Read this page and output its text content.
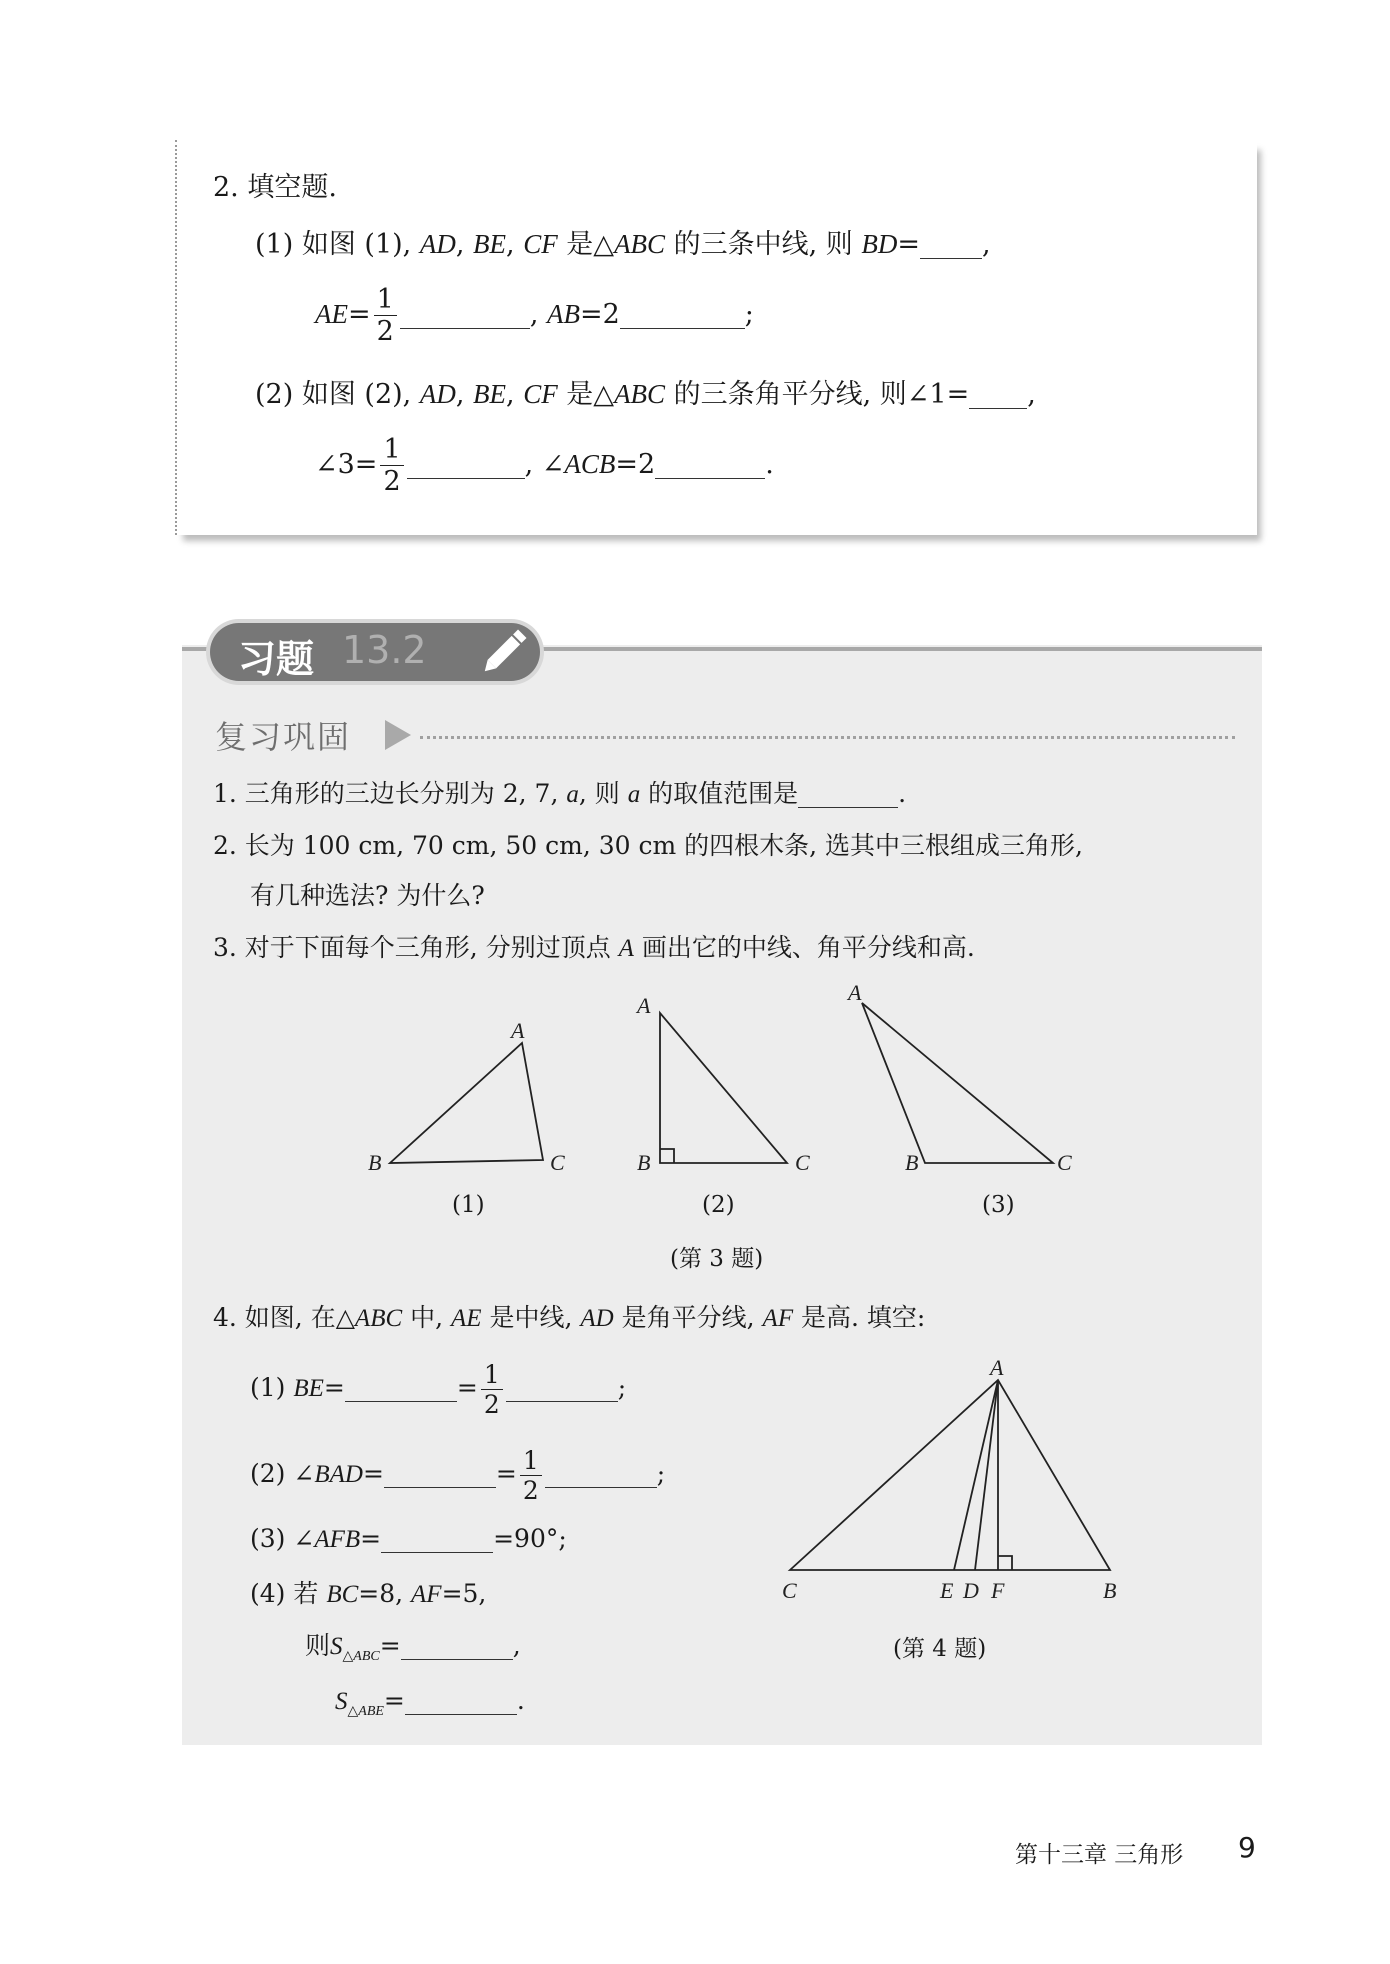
2. 填空题.
(1) 如图 (1), AD, BE, CF 是△ABC 的三条中线, 则 BD= ,
$AE= \frac{1}{2}$	, AB=2	;
(2) 如图 (2), AD, BE, CF 是△ABC 的三条角平分线, 则∠1= ,
∠3= $\frac{1}{2}$	, ∠ACB=2	.
习题 13.2
复习巩固
1. 三角形的三边长分别为 2, 7, a, 则 a 的取值范围是	.
2. 长为 100 cm, 70 cm, 50 cm, 30 cm 的四根木条, 选其中三根组成三角形,
有几种选法? 为什么?
3. 对于下面每个三角形, 分别过顶点 A 画出它的中线、角平分线和高.
A
B	C
A
B	C
A
B	C
(1)	(2)	(3)
(第 3 题)
4. 如图, 在△ABC 中, AE 是中线, AD 是角平分线, AF 是高. 填空:
(1) BE=	= $\frac{1}{2}$	;
(2) ∠BAD=	= $\frac{1}{2}$	;
(3) ∠AFB=	=90°;
(4) 若 BC=8, AF=5,
则$S_{\triangle ABC}=$	,
$S_{\triangle ABE}=$	.
A
C	E D F	B
(第 4 题)
第十三章 三角形 9
